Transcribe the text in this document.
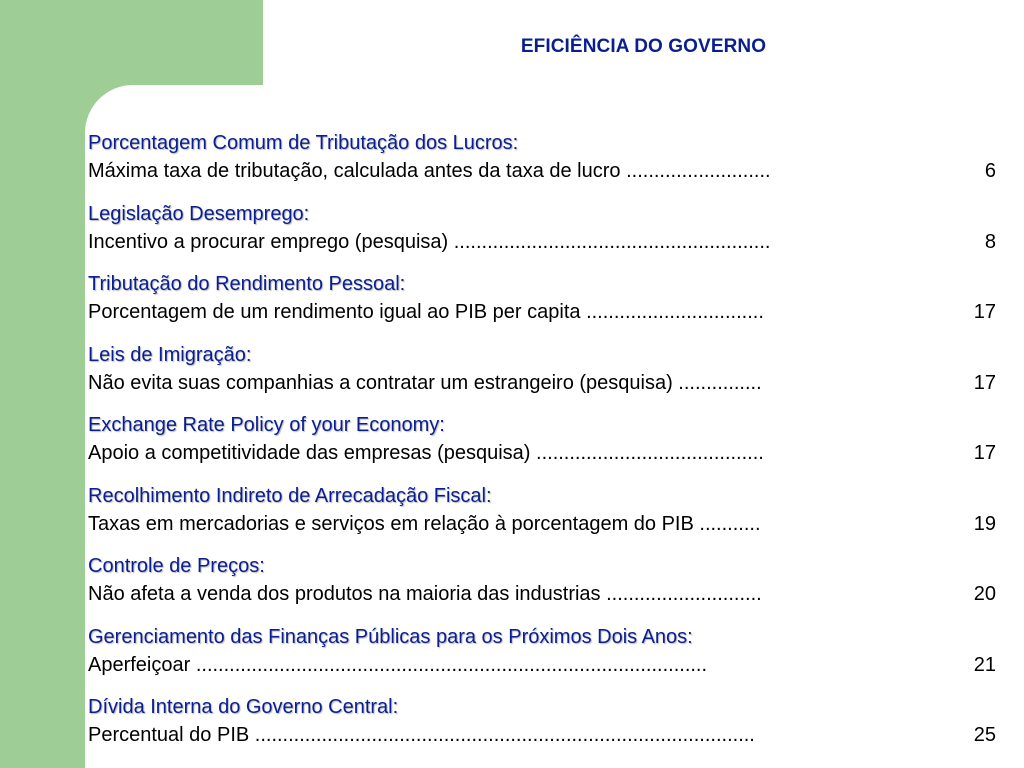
EFICIÊNCIA DO GOVERNO
Porcentagem Comum de Tributação dos Lucros:
Máxima taxa de tributação, calculada antes da taxa de lucro ..........................	6
Legislação Desemprego:
Incentivo a procurar emprego (pesquisa) .........................................................	8
Tributação do Rendimento Pessoal:
Porcentagem de um rendimento igual ao PIB per capita ................................	17
Leis de Imigração:
Não evita suas companhias a contratar um estrangeiro (pesquisa) ...............	17
Exchange Rate Policy of your Economy:
Apoio a competitividade das empresas (pesquisa) .........................................	17
Recolhimento Indireto de Arrecadação Fiscal:
Taxas em mercadorias e serviços em relação à porcentagem do PIB ...........	19
Controle de Preços:
Não afeta a venda dos produtos na maioria das industrias ............................	20
Gerenciamento das Finanças Públicas para os Próximos Dois Anos:
Aperfeiçoar ............................................................................................	21
Dívida Interna do Governo Central:
Percentual do PIB ..........................................................................................	25
